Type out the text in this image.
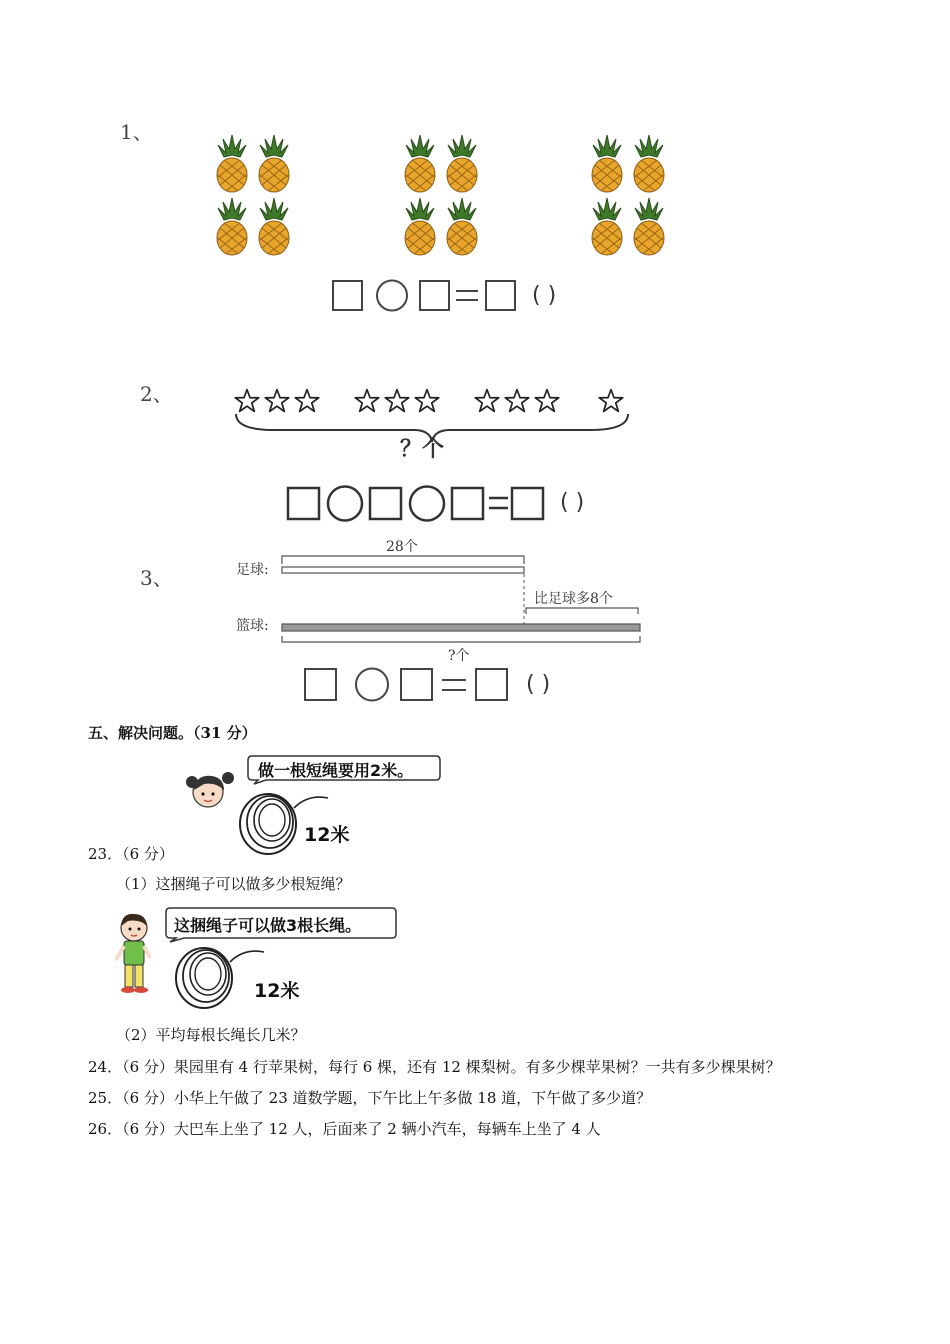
1、
( )
2、
？个
( )
3、	足球:
篮球:
28个
比足球多8个
?个
( )
五、解决问题。（31 分）
做一根短绳要用2米。
12米
23．（6 分）
（1）这捆绳子可以做多少根短绳？
这捆绳子可以做3根长绳。
12米
（2）平均每根长绳长几米？
24．（6 分）果园里有 4 行苹果树，每行 6 棵，还有 12 棵梨树。有多少棵苹果树？一共有多少棵果树？
25．（6 分）小华上午做了 23 道数学题，下午比上午多做 18 道，下午做了多少道？
26．（6 分）大巴车上坐了 12 人，后面来了 2 辆小汽车，每辆车上坐了 4 人
